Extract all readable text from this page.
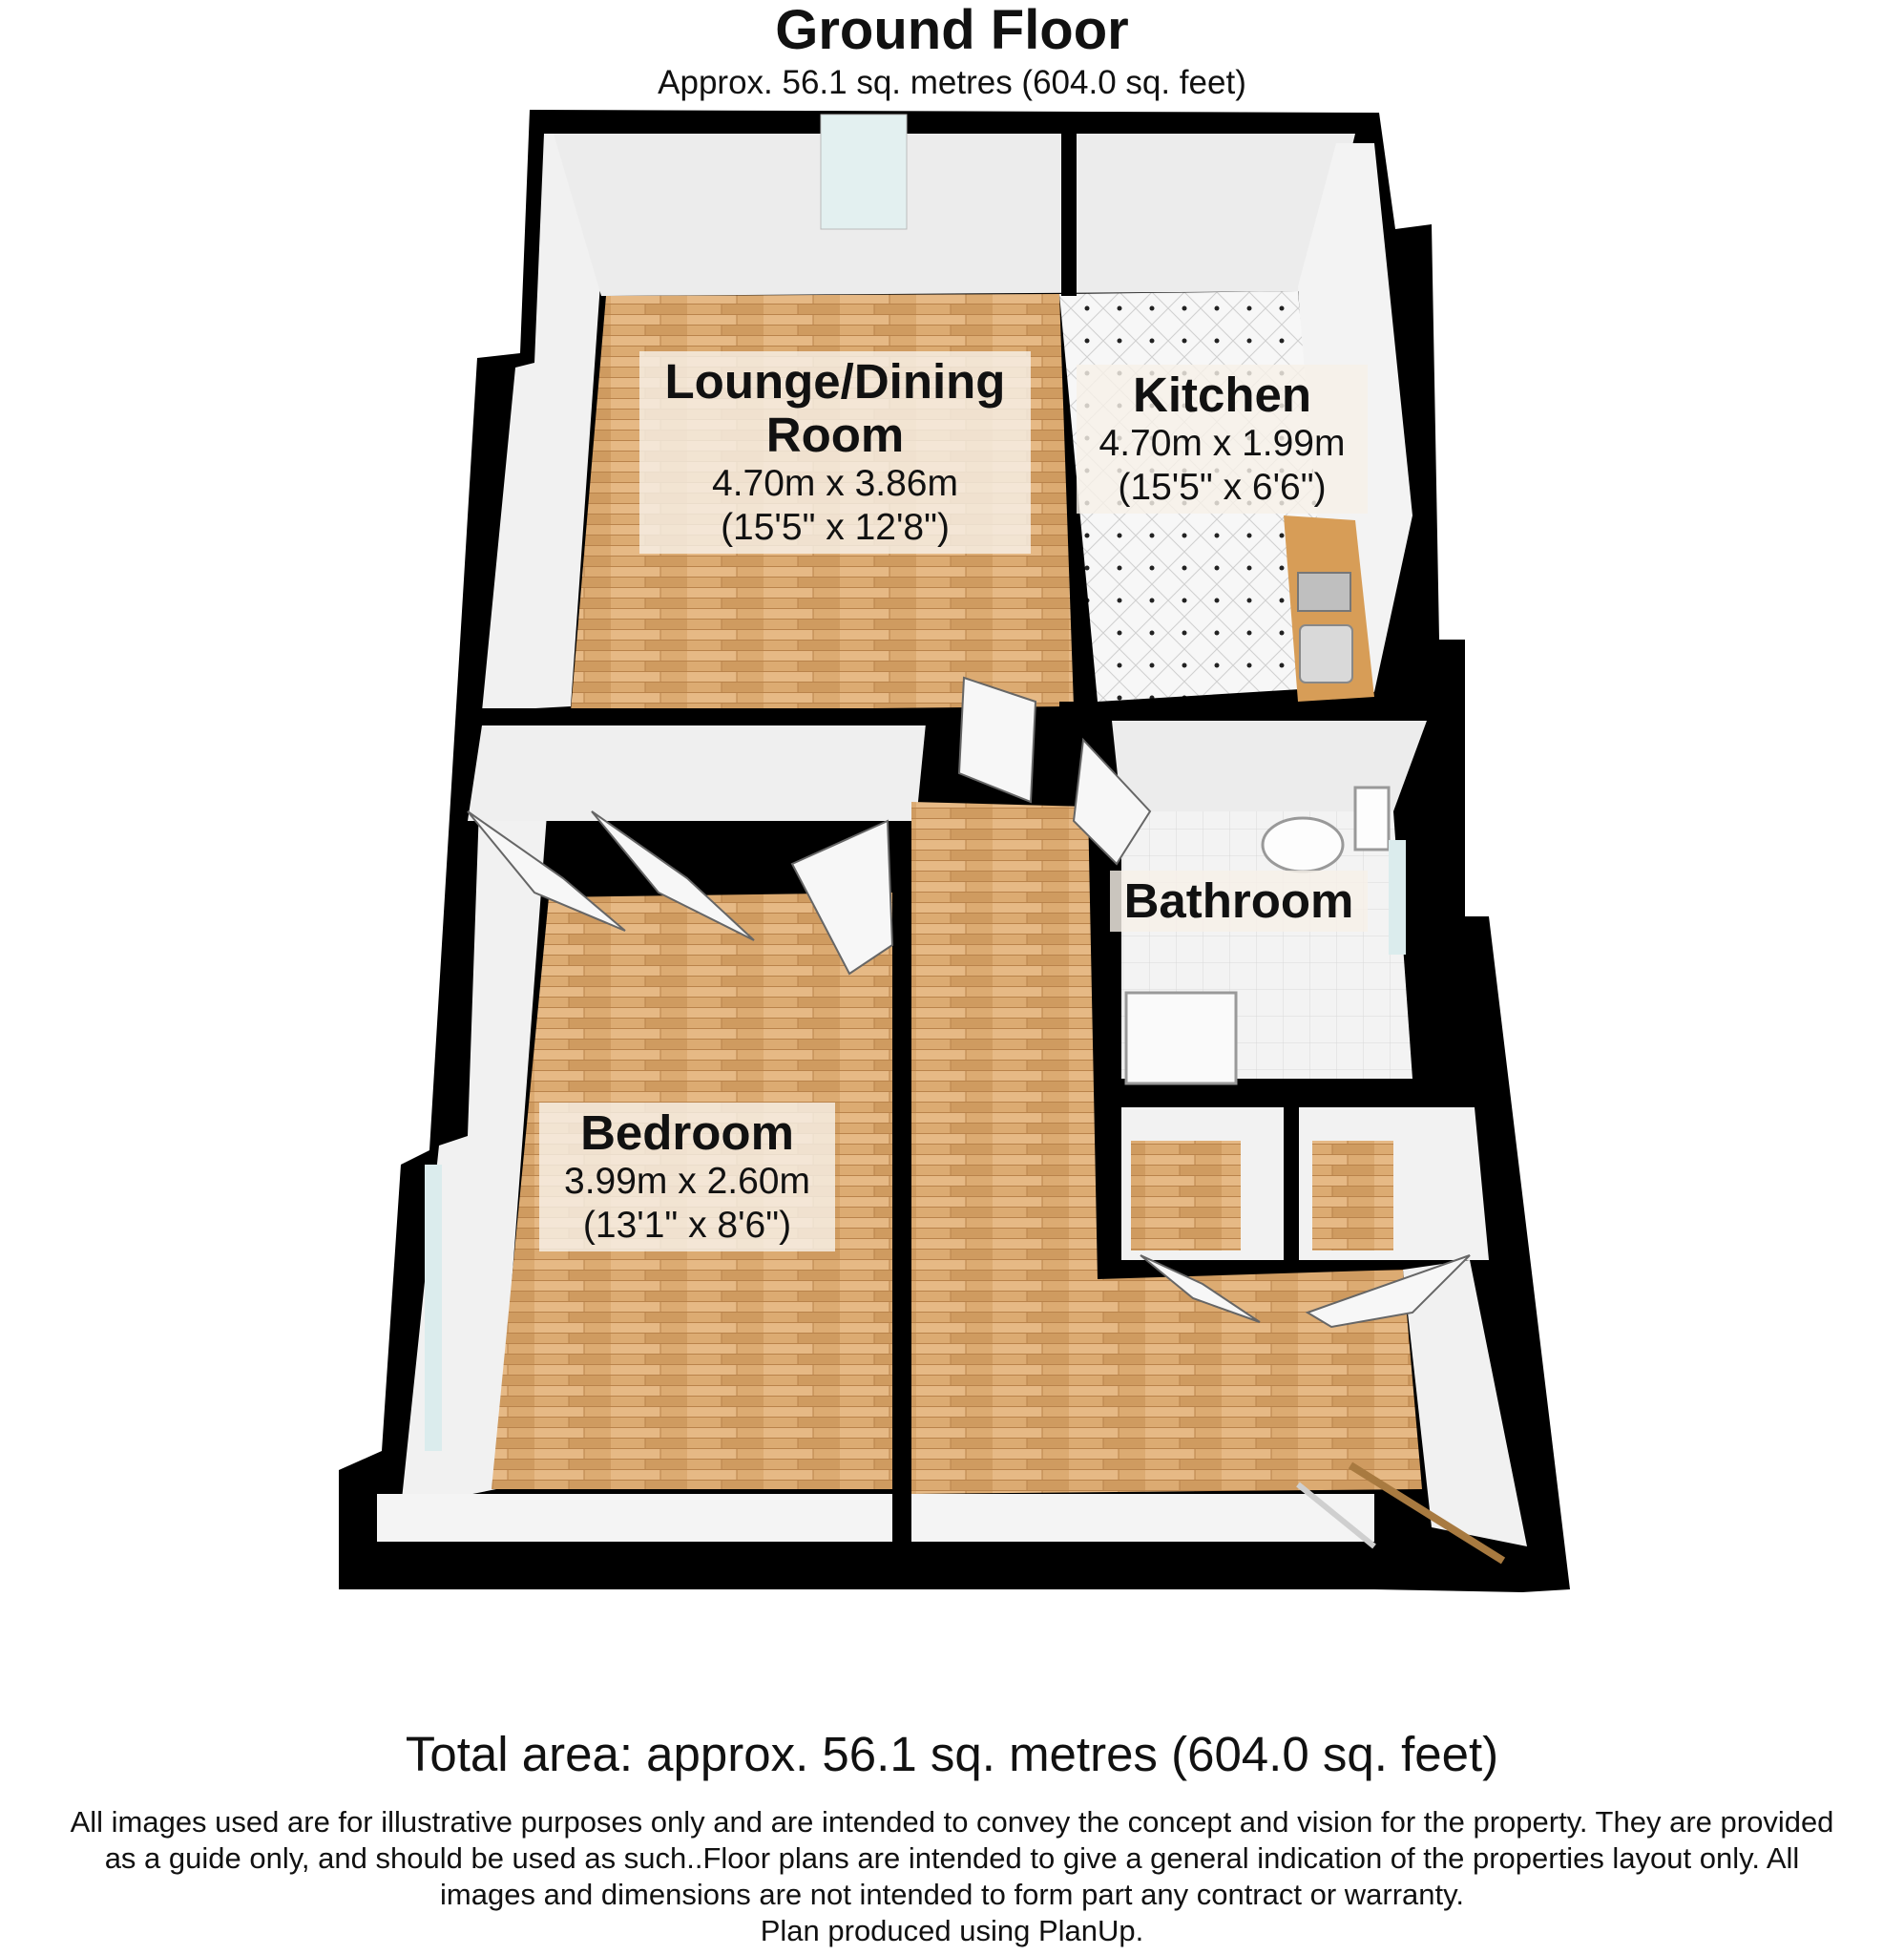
Ground Floor
Approx. 56.1 sq. metres (604.0 sq. feet)
Lounge/Dining
Room
4.70m x 3.86m
(15'5" x 12'8")
Kitchen
4.70m x 1.99m
(15'5" x 6'6")
Bathroom
Bedroom
3.99m x 2.60m
(13'1" x 8'6")
Total area: approx. 56.1 sq. metres (604.0 sq. feet)
All images used are for illustrative purposes only and are intended to convey the concept and vision for the property. They are provided
as a guide only, and should be used as such..Floor plans are intended to give a general indication of the properties layout only. All
images and dimensions are not intended to form part any contract or warranty.
Plan produced using PlanUp.
